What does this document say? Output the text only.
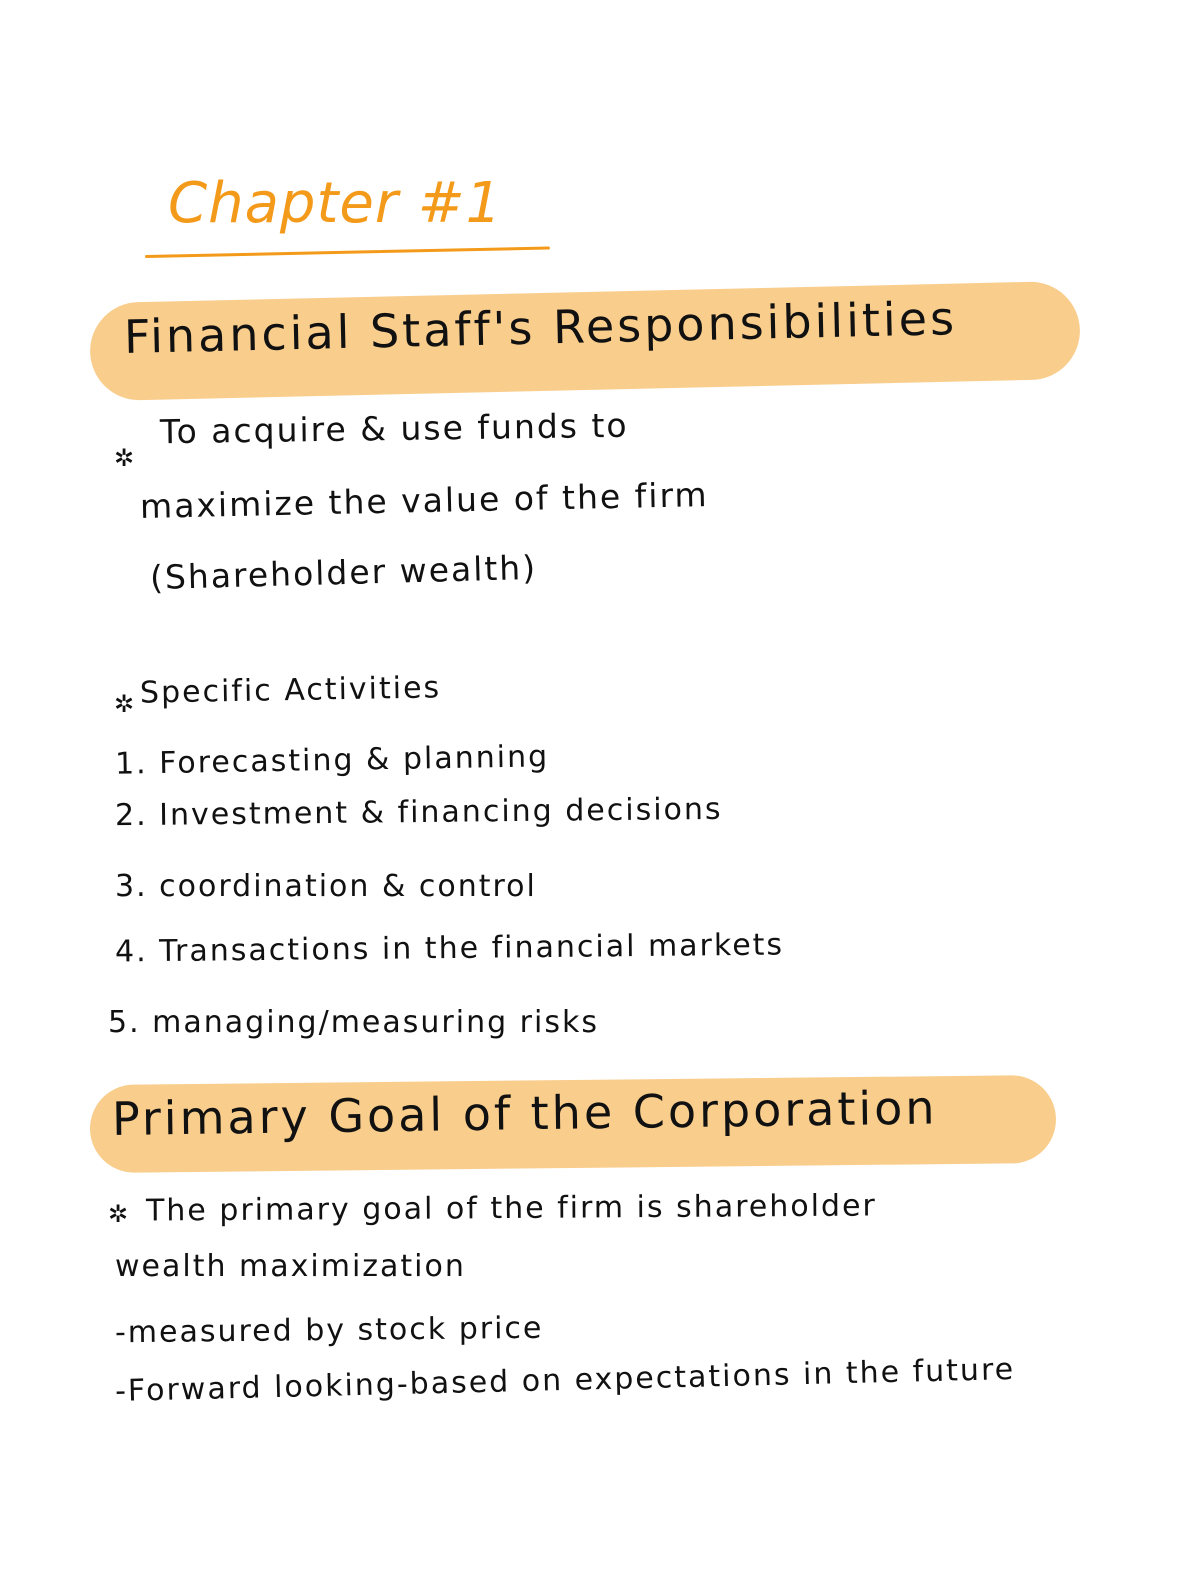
Chapter #1
Financial Staff's Responsibilities
✲
To acquire & use funds to
maximize the value of the firm
(Shareholder wealth)
✲ Specific Activities
1. Forecasting & planning
2. Investment & financing decisions
3. coordination & control
4. Transactions in the financial markets
5. managing/measuring risks
Primary Goal of the Corporation
✲ The primary goal of the firm is shareholder
wealth maximization
-measured by stock price
-Forward looking-based on expectations in the future
